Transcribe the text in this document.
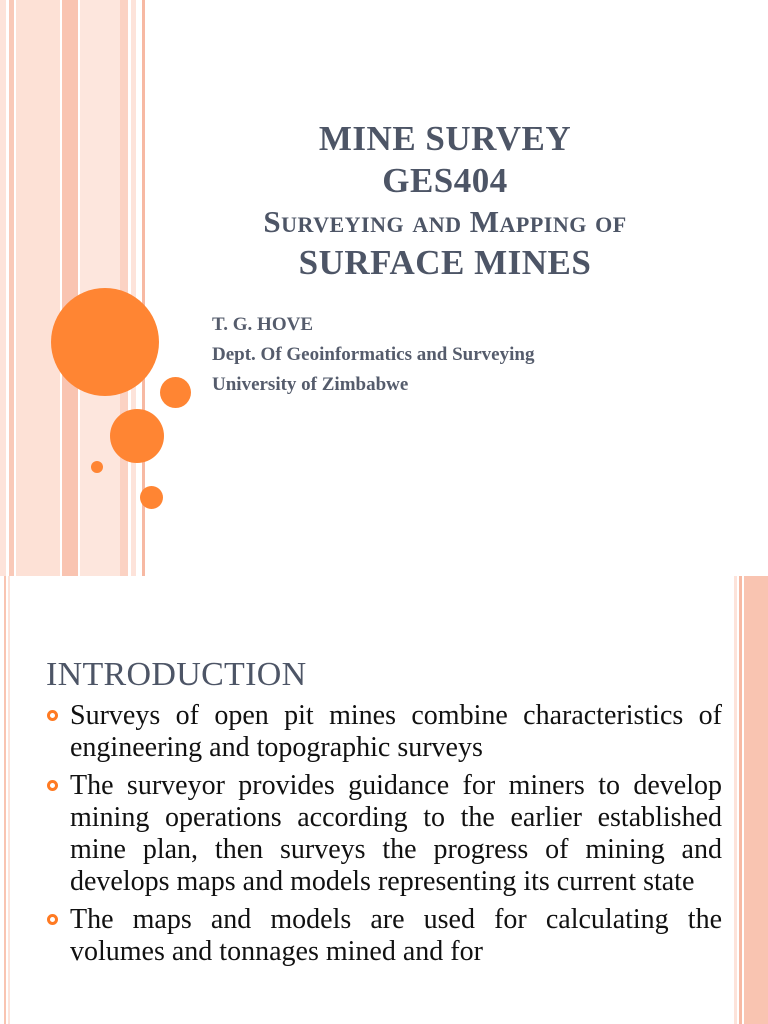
MINE SURVEY
GES404
Surveying and Mapping of
SURFACE MINES
T. G. HOVE
Dept. Of Geoinformatics and Surveying
University of Zimbabwe
INTRODUCTION
Surveys of open pit mines combine characteristics of engineering and topographic surveys
The surveyor provides guidance for miners to develop mining operations according to the earlier established mine plan, then surveys the progress of mining and develops maps and models representing its current state
The maps and models are used for calculating the volumes and tonnages mined and for
